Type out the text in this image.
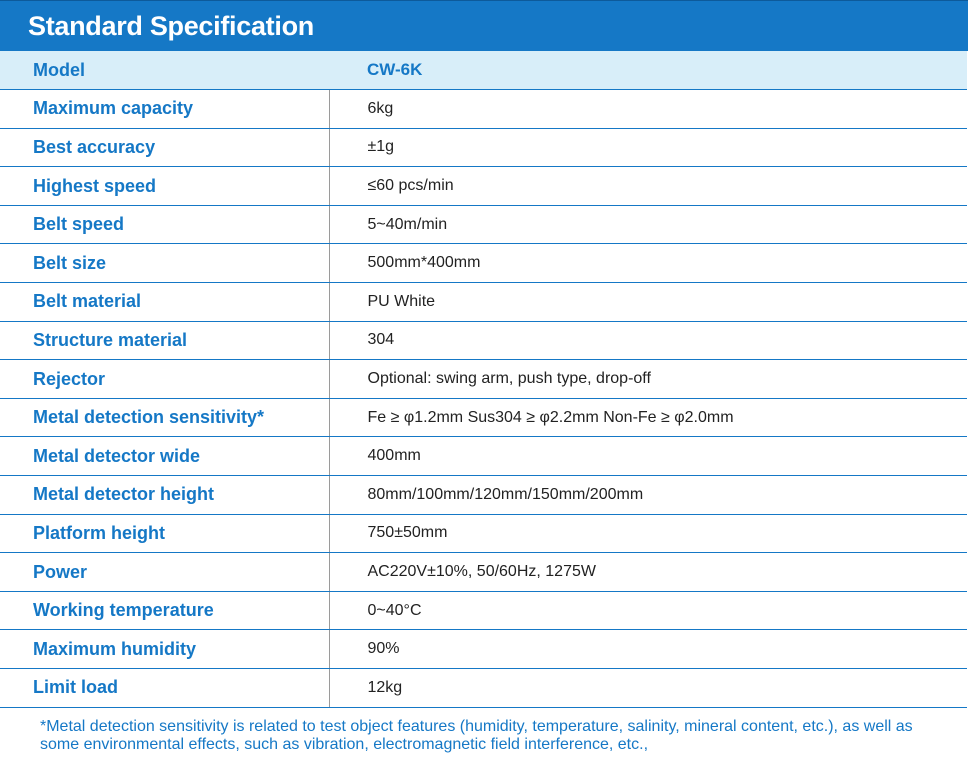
Standard Specification
Model	CW-6K
Maximum capacity	6kg
Best accuracy	±1g
Highest speed	≤60 pcs/min
Belt speed	5~40m/min
Belt size	500mm*400mm
Belt material	PU White
Structure material	304
Rejector	Optional: swing arm, push type, drop-off
Metal detection sensitivity*	Fe ≥ φ1.2mm Sus304 ≥ φ2.2mm Non-Fe ≥ φ2.0mm
Metal detector wide	400mm
Metal detector height	80mm/100mm/120mm/150mm/200mm
Platform height	750±50mm
Power	AC220V±10%, 50/60Hz, 1275W
Working temperature	0~40°C
Maximum humidity	90%
Limit load	12kg
*Metal detection sensitivity is related to test object features (humidity, temperature, salinity, mineral content, etc.), as well as some environmental effects, such as vibration, electromagnetic field interference, etc.,
